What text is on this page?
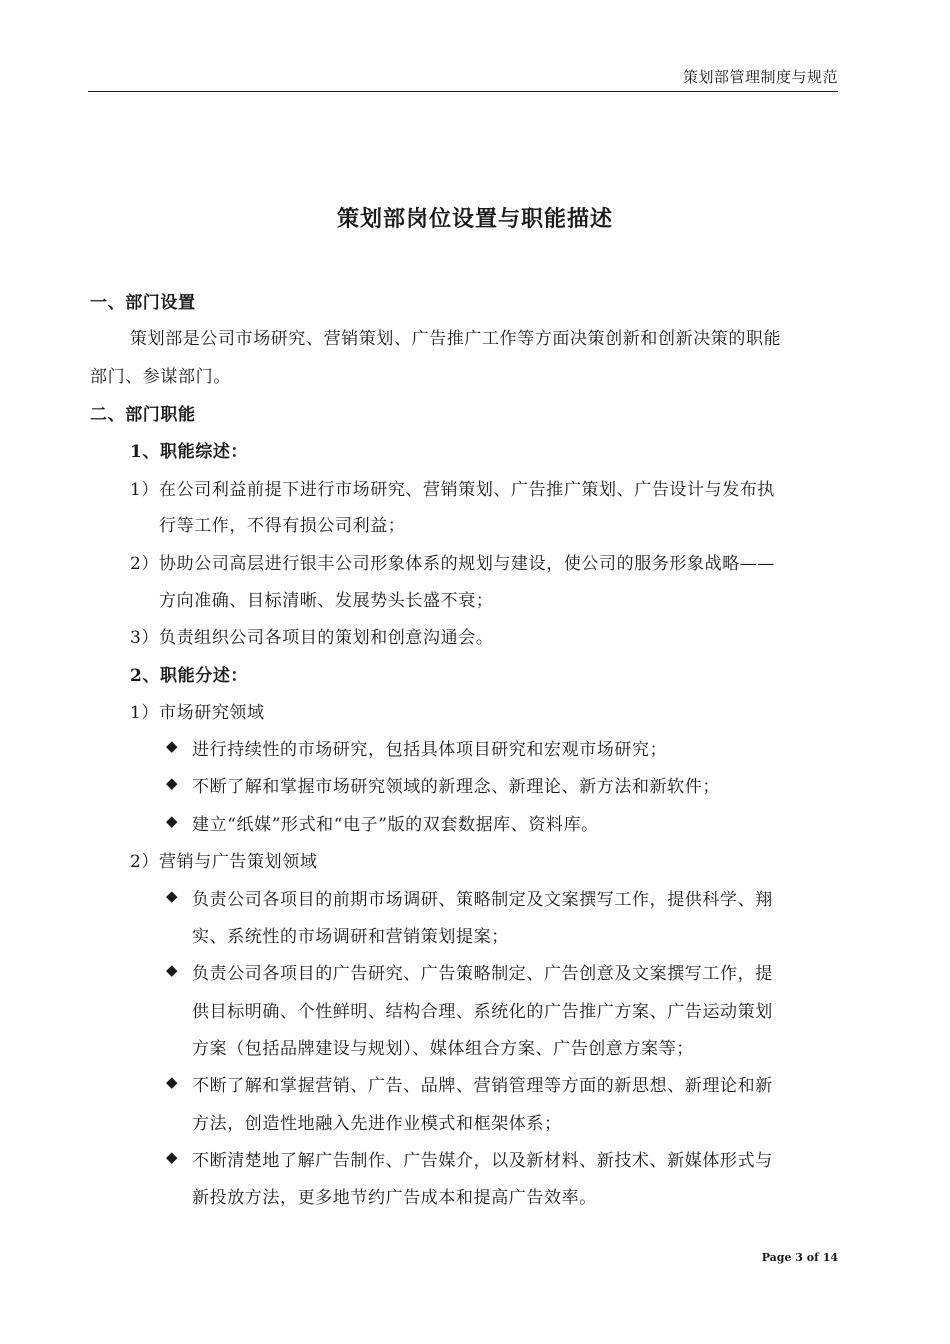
策划部管理制度与规范
策划部岗位设置与职能描述
一、部门设置
策划部是公司市场研究、营销策划、广告推广工作等方面决策创新和创新决策的职能
部门、参谋部门。
二、部门职能
1、职能综述：
1）在公司利益前提下进行市场研究、营销策划、广告推广策划、广告设计与发布执
行等工作，不得有损公司利益；
2）协助公司高层进行银丰公司形象体系的规划与建设，使公司的服务形象战略——
方向准确、目标清晰、发展势头长盛不衰；
3）负责组织公司各项目的策划和创意沟通会。
2、职能分述：
1）市场研究领域
◆ 进行持续性的市场研究，包括具体项目研究和宏观市场研究；
◆ 不断了解和掌握市场研究领域的新理念、新理论、新方法和新软件；
◆ 建立“纸媒”形式和“电子”版的双套数据库、资料库。
2）营销与广告策划领域
◆ 负责公司各项目的前期市场调研、策略制定及文案撰写工作，提供科学、翔
实、系统性的市场调研和营销策划提案；
◆ 负责公司各项目的广告研究、广告策略制定、广告创意及文案撰写工作，提
供目标明确、个性鲜明、结构合理、系统化的广告推广方案、广告运动策划
方案（包括品牌建设与规划）、媒体组合方案、广告创意方案等；
◆ 不断了解和掌握营销、广告、品牌、营销管理等方面的新思想、新理论和新
方法，创造性地融入先进作业模式和框架体系；
◆ 不断清楚地了解广告制作、广告媒介，以及新材料、新技术、新媒体形式与
新投放方法，更多地节约广告成本和提高广告效率。
Page 3 of 14
